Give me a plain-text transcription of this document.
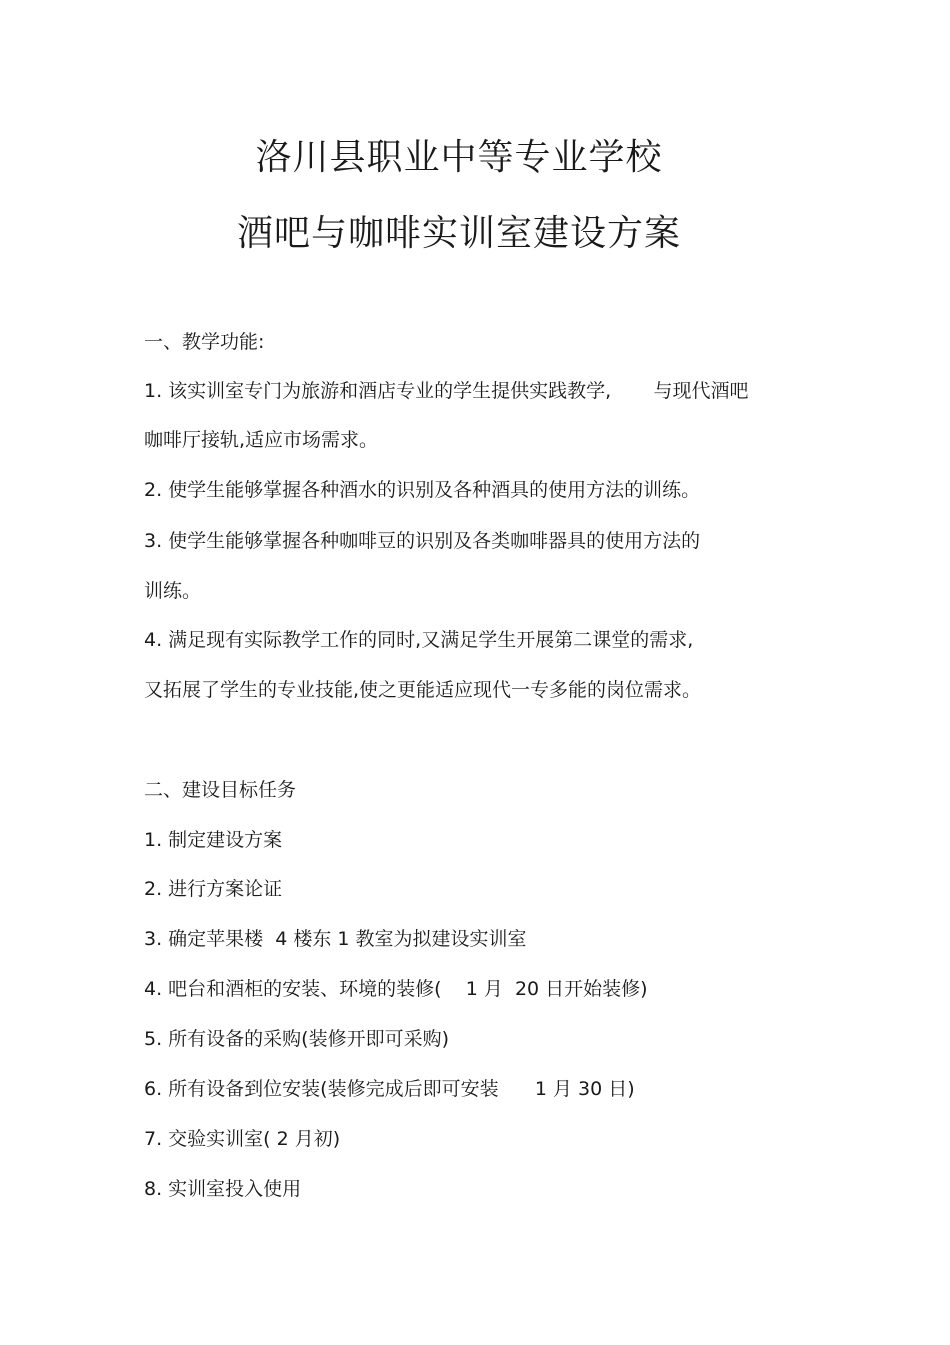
洛川县职业中等专业学校
酒吧与咖啡实训室建设方案

一、教学功能:

1. 该实训室专门为旅游和酒店专业的学生提供实践教学,       与现代酒吧

咖啡厅接轨,适应市场需求。

2. 使学生能够掌握各种酒水的识别及各种酒具的使用方法的训练。

3. 使学生能够掌握各种咖啡豆的识别及各类咖啡器具的使用方法的

训练。

4. 满足现有实际教学工作的同时,又满足学生开展第二课堂的需求,

又拓展了学生的专业技能,使之更能适应现代一专多能的岗位需求。

二、建设目标任务

1. 制定建设方案

2. 进行方案论证

3. 确定苹果楼  4 楼东 1 教室为拟建设实训室

4. 吧台和酒柜的安装、环境的装修(    1 月  20 日开始装修)

5. 所有设备的采购(装修开即可采购)

6. 所有设备到位安装(装修完成后即可安装      1 月 30 日)

7. 交验实训室( 2 月初)

8. 实训室投入使用
